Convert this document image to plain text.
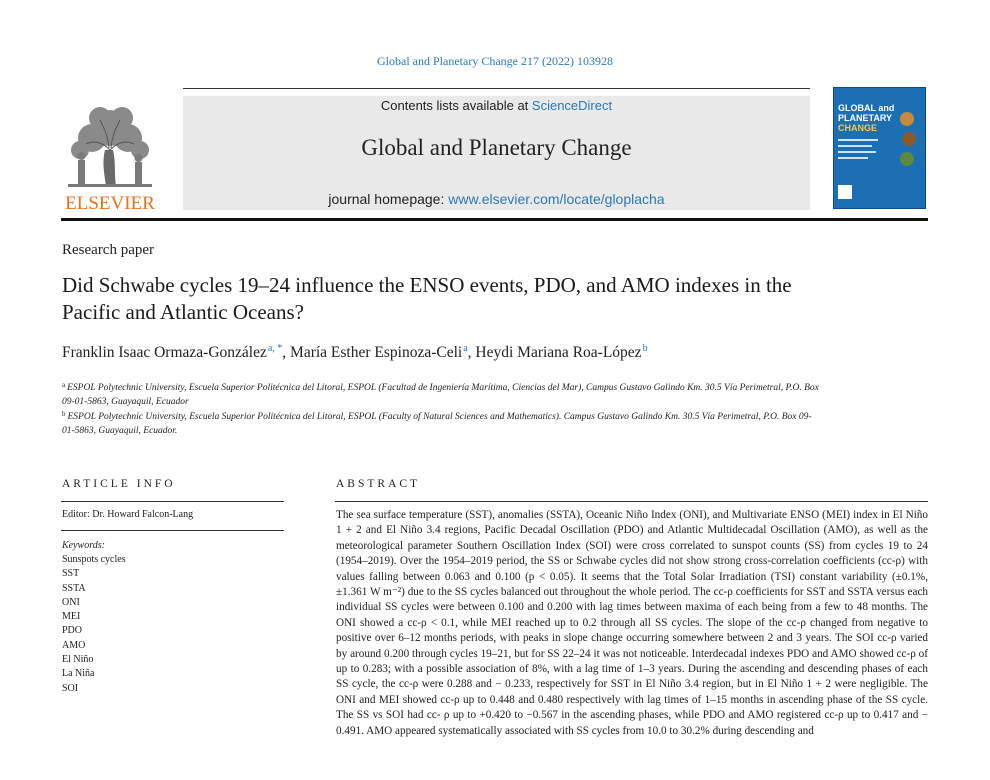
Global and Planetary Change 217 (2022) 103928
ELSEVIER
Contents lists available at ScienceDirect
Global and Planetary Change
journal homepage: www.elsevier.com/locate/gloplacha
GLOBAL and
PLANETARY
CHANGE
Research paper
Did Schwabe cycles 19–24 influence the ENSO events, PDO, and AMO indexes in the Pacific and Atlantic Oceans?
Franklin Isaac Ormaza-González$^{a, *}$, María Esther Espinoza-Celi$^a$, Heydi Mariana Roa-López$^b$
$^a$ ESPOL Polytechnic University, Escuela Superior Politécnica del Litoral, ESPOL (Facultad de Ingeniería Marítima, Ciencias del Mar), Campus Gustavo Galindo Km. 30.5 Vía Perimetral, P.O. Box 09-01-5863, Guayaquil, Ecuador
$^b$ ESPOL Polytechnic University, Escuela Superior Politécnica del Litoral, ESPOL (Faculty of Natural Sciences and Mathematics). Campus Gustavo Galindo Km. 30.5 Vía Perimetral, P.O. Box 09-01-5863, Guayaquil, Ecuador.
ARTICLE INFO
Editor: Dr. Howard Falcon-Lang
Keywords:
Sunspots cycles
SST
SSTA
ONI
MEI
PDO
AMO
El Niño
La Niña
SOI
ABSTRACT
The sea surface temperature (SST), anomalies (SSTA), Oceanic Niño Index (ONI), and Multivariate ENSO (MEI) index in El Niño 1 + 2 and El Niño 3.4 regions, Pacific Decadal Oscillation (PDO) and Atlantic Multidecadal Oscillation (AMO), as well as the meteorological parameter Southern Oscillation Index (SOI) were cross correlated to sunspot counts (SS) from cycles 19 to 24 (1954–2019). Over the 1954–2019 period, the SS or Schwabe cycles did not show strong cross-correlation coefficients (cc-ρ) with values falling between 0.063 and 0.100 (p < 0.05). It seems that the Total Solar Irradiation (TSI) constant variability (±0.1%, ±1.361 W m⁻²) due to the SS cycles balanced out throughout the whole period. The cc-ρ coefficients for SST and SSTA versus each individual SS cycles were between 0.100 and 0.200 with lag times between maxima of each being from a few to 48 months. The ONI showed a cc-ρ < 0.1, while MEI reached up to 0.2 through all SS cycles. The slope of the cc-ρ changed from negative to positive over 6–12 months periods, with peaks in slope change occurring somewhere between 2 and 3 years. The SOI cc-ρ varied by around 0.200 through cycles 19–21, but for SS 22–24 it was not noticeable. Interdecadal indexes PDO and AMO showed cc-ρ of up to 0.283; with a possible association of 8%, with a lag time of 1–3 years. During the ascending and descending phases of each SS cycle, the cc-ρ were 0.288 and − 0.233, respectively for SST in El Niño 3.4 region, but in El Niño 1 + 2 were negligible. The ONI and MEI showed cc-ρ up to 0.448 and 0.480 respectively with lag times of 1–15 months in ascending phase of the SS cycle. The SS vs SOI had cc- ρ up to +0.420 to −0.567 in the ascending phases, while PDO and AMO registered cc-ρ up to 0.417 and − 0.491. AMO appeared systematically associated with SS cycles from 10.0 to 30.2% during descending and
